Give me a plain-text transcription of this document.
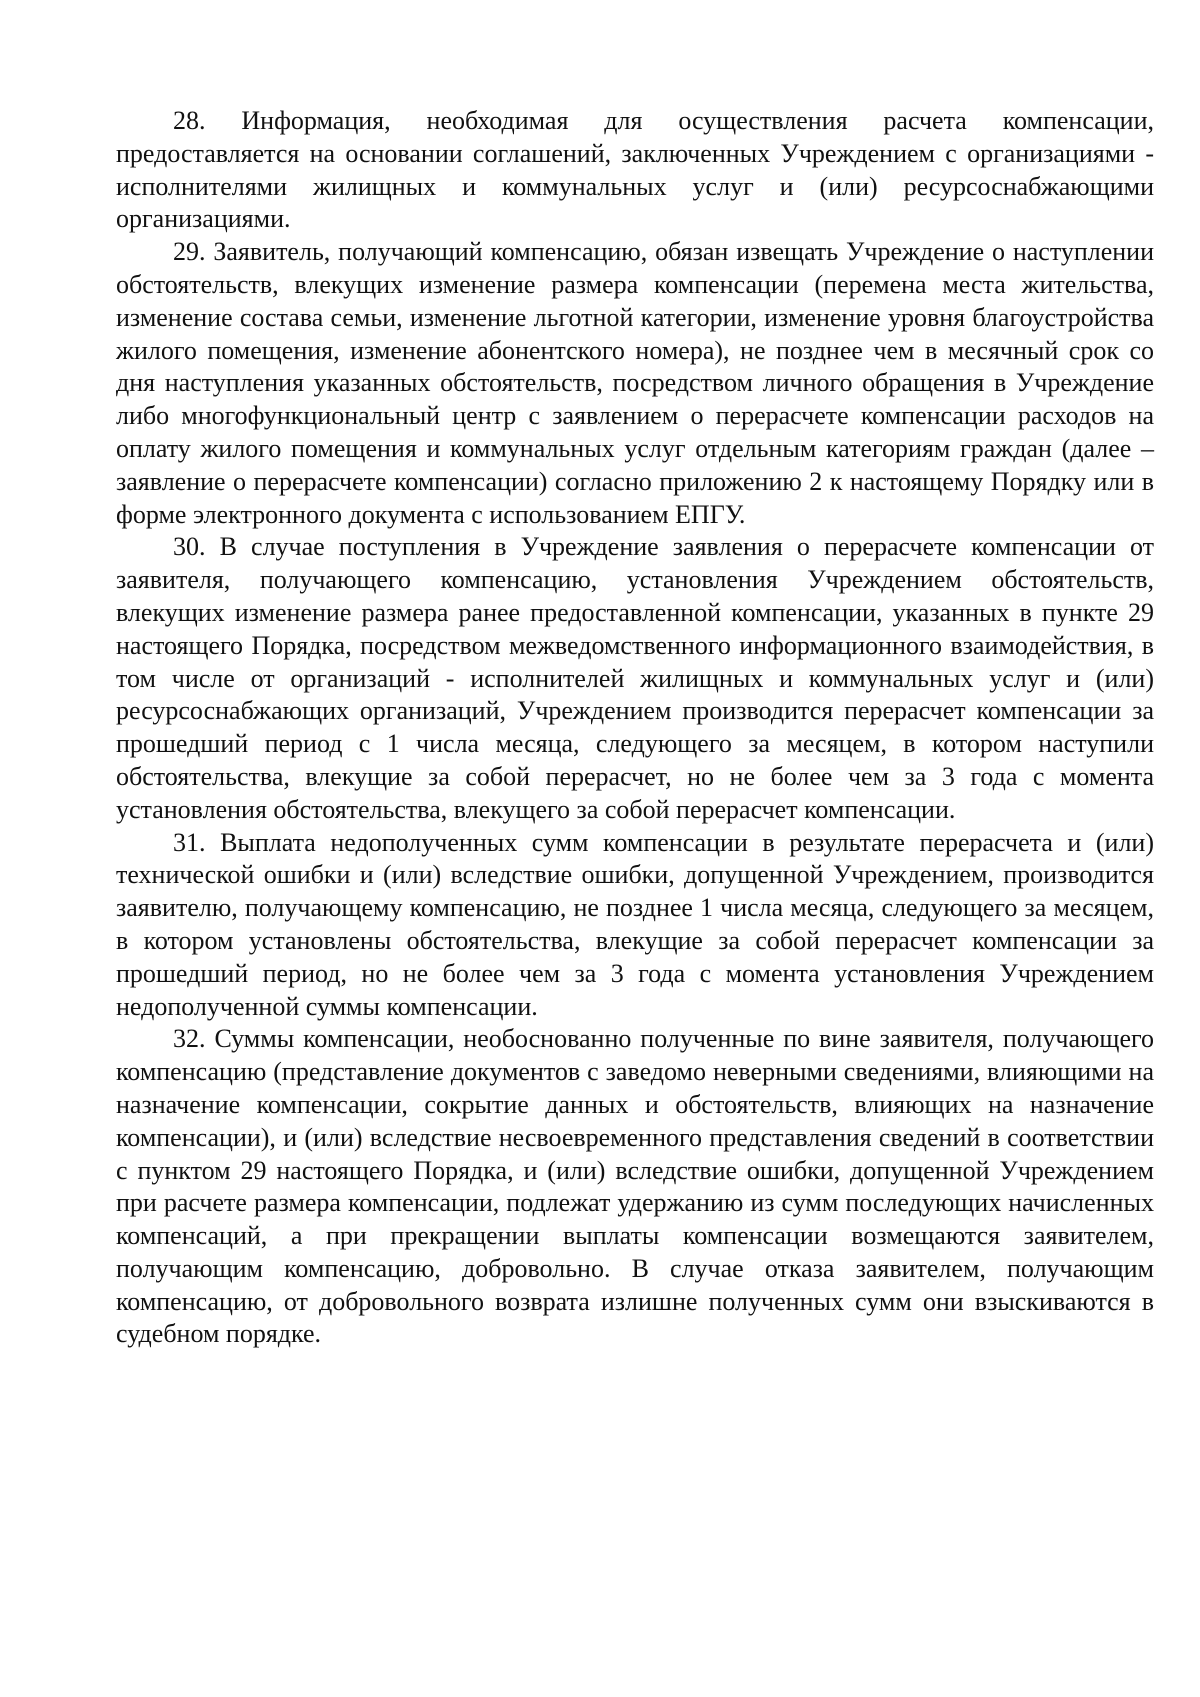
28. Информация, необходимая для осуществления расчета компенсации, предоставляется на основании соглашений, заключенных Учреждением с организациями - исполнителями жилищных и коммунальных услуг и (или) ресурсоснабжающими организациями.

29. Заявитель, получающий компенсацию, обязан извещать Учреждение о наступлении обстоятельств, влекущих изменение размера компенсации (перемена места жительства, изменение состава семьи, изменение льготной категории, изменение уровня благоустройства жилого помещения, изменение абонентского номера), не позднее чем в месячный срок со дня наступления указанных обстоятельств, посредством личного обращения в Учреждение либо многофункциональный центр с заявлением о перерасчете компенсации расходов на оплату жилого помещения и коммунальных услуг отдельным категориям граждан (далее – заявление о перерасчете компенсации) согласно приложению 2 к настоящему Порядку или в форме электронного документа с использованием ЕПГУ.

30. В случае поступления в Учреждение заявления о перерасчете компенсации от заявителя, получающего компенсацию, установления Учреждением обстоятельств, влекущих изменение размера ранее предоставленной компенсации, указанных в пункте 29 настоящего Порядка, посредством межведомственного информационного взаимодействия, в том числе от организаций - исполнителей жилищных и коммунальных услуг и (или) ресурсоснабжающих организаций, Учреждением производится перерасчет компенсации за прошедший период с 1 числа месяца, следующего за месяцем, в котором наступили обстоятельства, влекущие за собой перерасчет, но не более чем за 3 года с момента установления обстоятельства, влекущего за собой перерасчет компенсации.

31. Выплата недополученных сумм компенсации в результате перерасчета и (или) технической ошибки и (или) вследствие ошибки, допущенной Учреждением, производится заявителю, получающему компенсацию, не позднее 1 числа месяца, следующего за месяцем, в котором установлены обстоятельства, влекущие за собой перерасчет компенсации за прошедший период, но не более чем за 3 года с момента установления Учреждением недополученной суммы компенсации.

32. Суммы компенсации, необоснованно полученные по вине заявителя, получающего компенсацию (представление документов с заведомо неверными сведениями, влияющими на назначение компенсации, сокрытие данных и обстоятельств, влияющих на назначение компенсации), и (или) вследствие несвоевременного представления сведений в соответствии с пунктом 29 настоящего Порядка, и (или) вследствие ошибки, допущенной Учреждением при расчете размера компенсации, подлежат удержанию из сумм последующих начисленных компенсаций, а при прекращении выплаты компенсации возмещаются заявителем, получающим компенсацию, добровольно. В случае отказа заявителем, получающим компенсацию, от добровольного возврата излишне полученных сумм они взыскиваются в судебном порядке.
